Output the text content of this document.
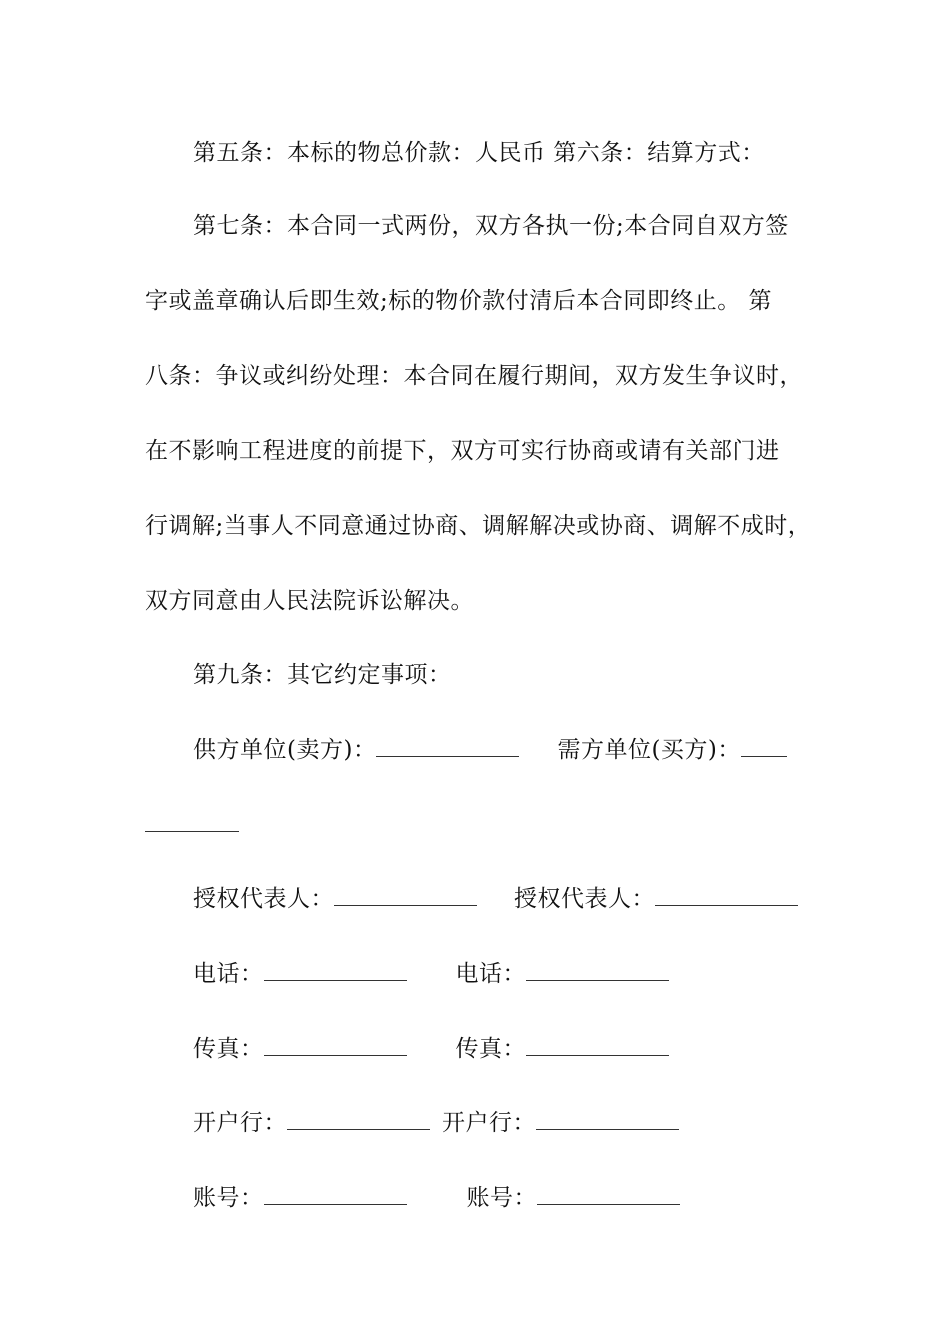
第五条：本标的物总价款：人民币 第六条：结算方式：
第七条：本合同一式两份，双方各执一份;本合同自双方签
字或盖章确认后即生效;标的物价款付清后本合同即终止。 第
八条：争议或纠纷处理：本合同在履行期间，双方发生争议时，
在不影响工程进度的前提下，双方可实行协商或请有关部门进
行调解;当事人不同意通过协商、调解解决或协商、调解不成时，
双方同意由人民法院诉讼解决。
第九条：其它约定事项：
供方单位(卖方)：	需方单位(买方)：
授权代表人：	授权代表人：
电话：	电话：
传真：	传真：
开户行：	开户行：
账号：	账号：
